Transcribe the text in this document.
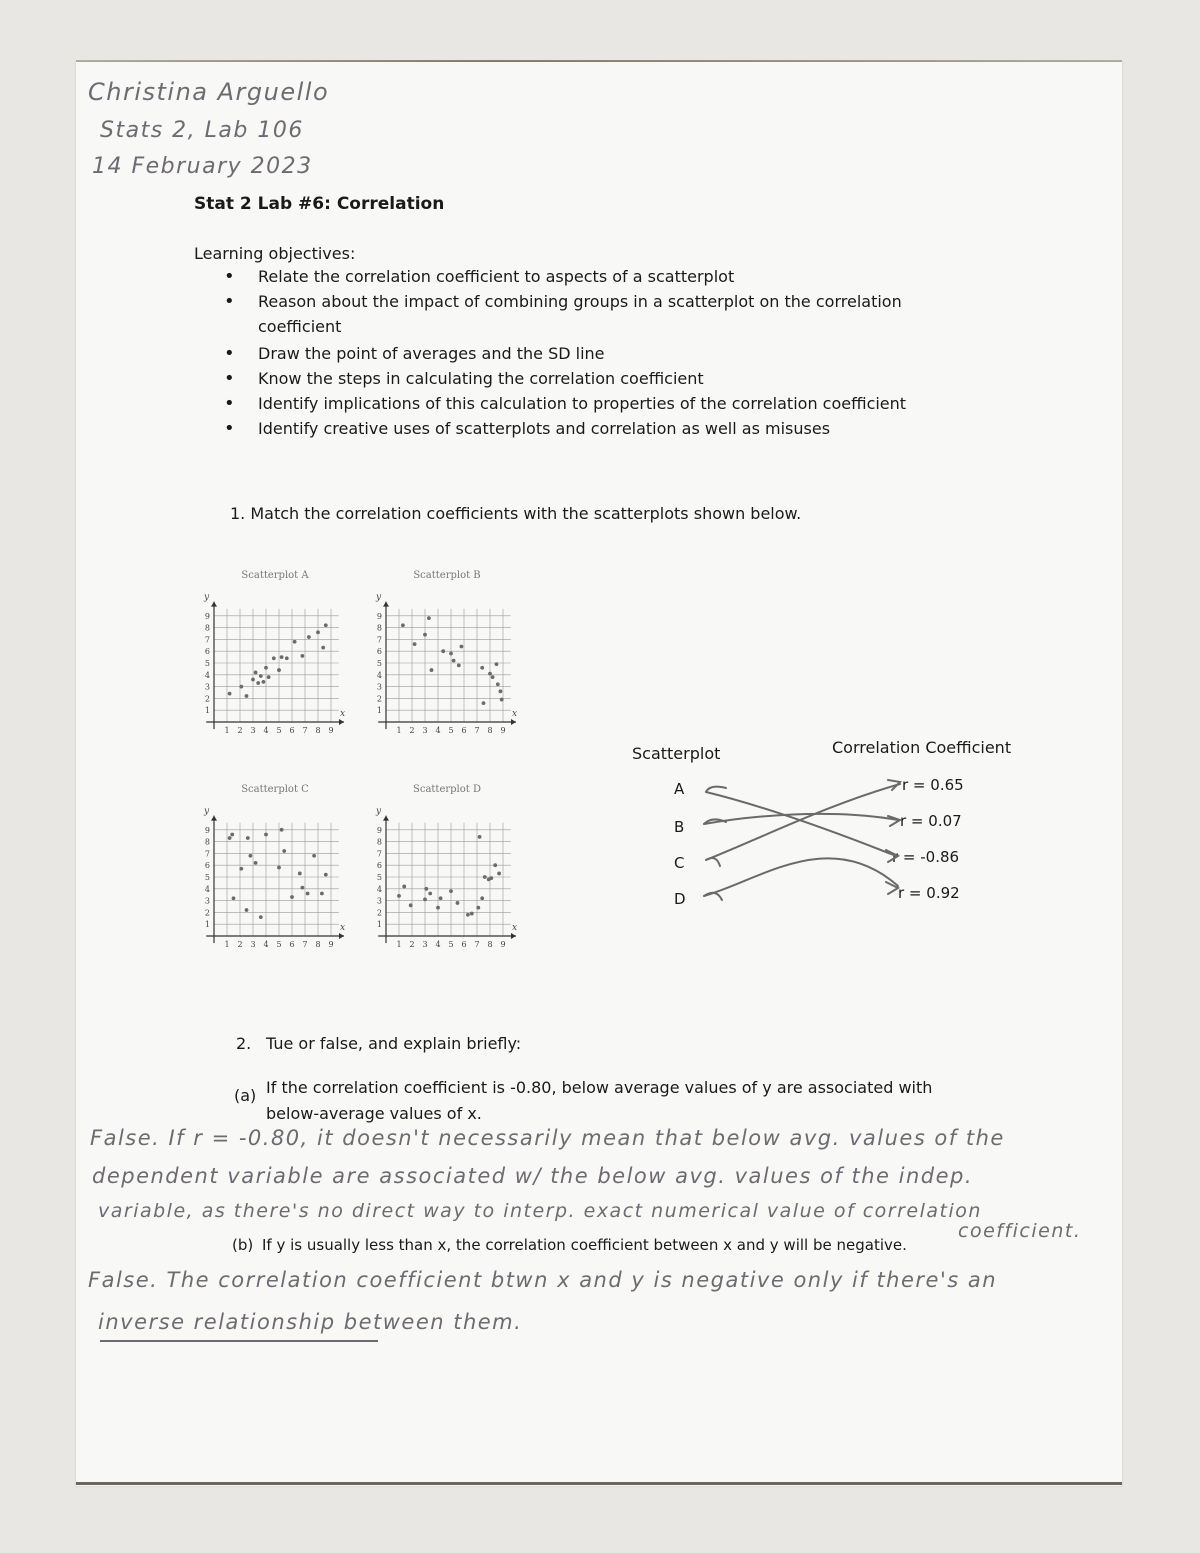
Christina Arguello
Stats 2, Lab 106
14 February 2023
Stat 2 Lab #6: Correlation
Learning objectives:
• Relate the correlation coefficient to aspects of a scatterplot
• Reason about the impact of combining groups in a scatterplot on the correlation
coefficient
• Draw the point of averages and the SD line
• Know the steps in calculating the correlation coefficient
• Identify implications of this calculation to properties of the correlation coefficient
• Identify creative uses of scatterplots and correlation as well as misuses
1. Match the correlation coefficients with the scatterplots shown below.
Scatterplot A
x
y
1 2 3 4 5 6 7 8 9
1
2
3
4
5
6
7
8
9
Scatterplot B
x
y
1 2 3 4 5 6 7 8 9
1
2
3
4
5
6
7
8
9
Scatterplot C
x
y
1 2 3 4 5 6 7 8 9
1
2
3
4
5
6
7
8
9
Scatterplot D
x
y
1 2 3 4 5 6 7 8 9
1
2
3
4
5
6
7
8
9
Scatterplot	Correlation Coefficient
A
B
C
D
r = 0.65
r = 0.07
r = -0.86
r = 0.92
2. Tue or false, and explain briefly:
(a) If the correlation coefficient is -0.80, below average values of y are associated with
below-average values of x.
False. If r = -0.80, it doesn't necessarily mean that below avg. values of the
dependent variable are associated w/ the below avg. values of the indep.
variable, as there's no direct way to interp. exact numerical value of correlation
coefficient.
(b) If y is usually less than x, the correlation coefficient between x and y will be negative.
False. The correlation coefficient btwn x and y is negative only if there's an
inverse relationship between them.
